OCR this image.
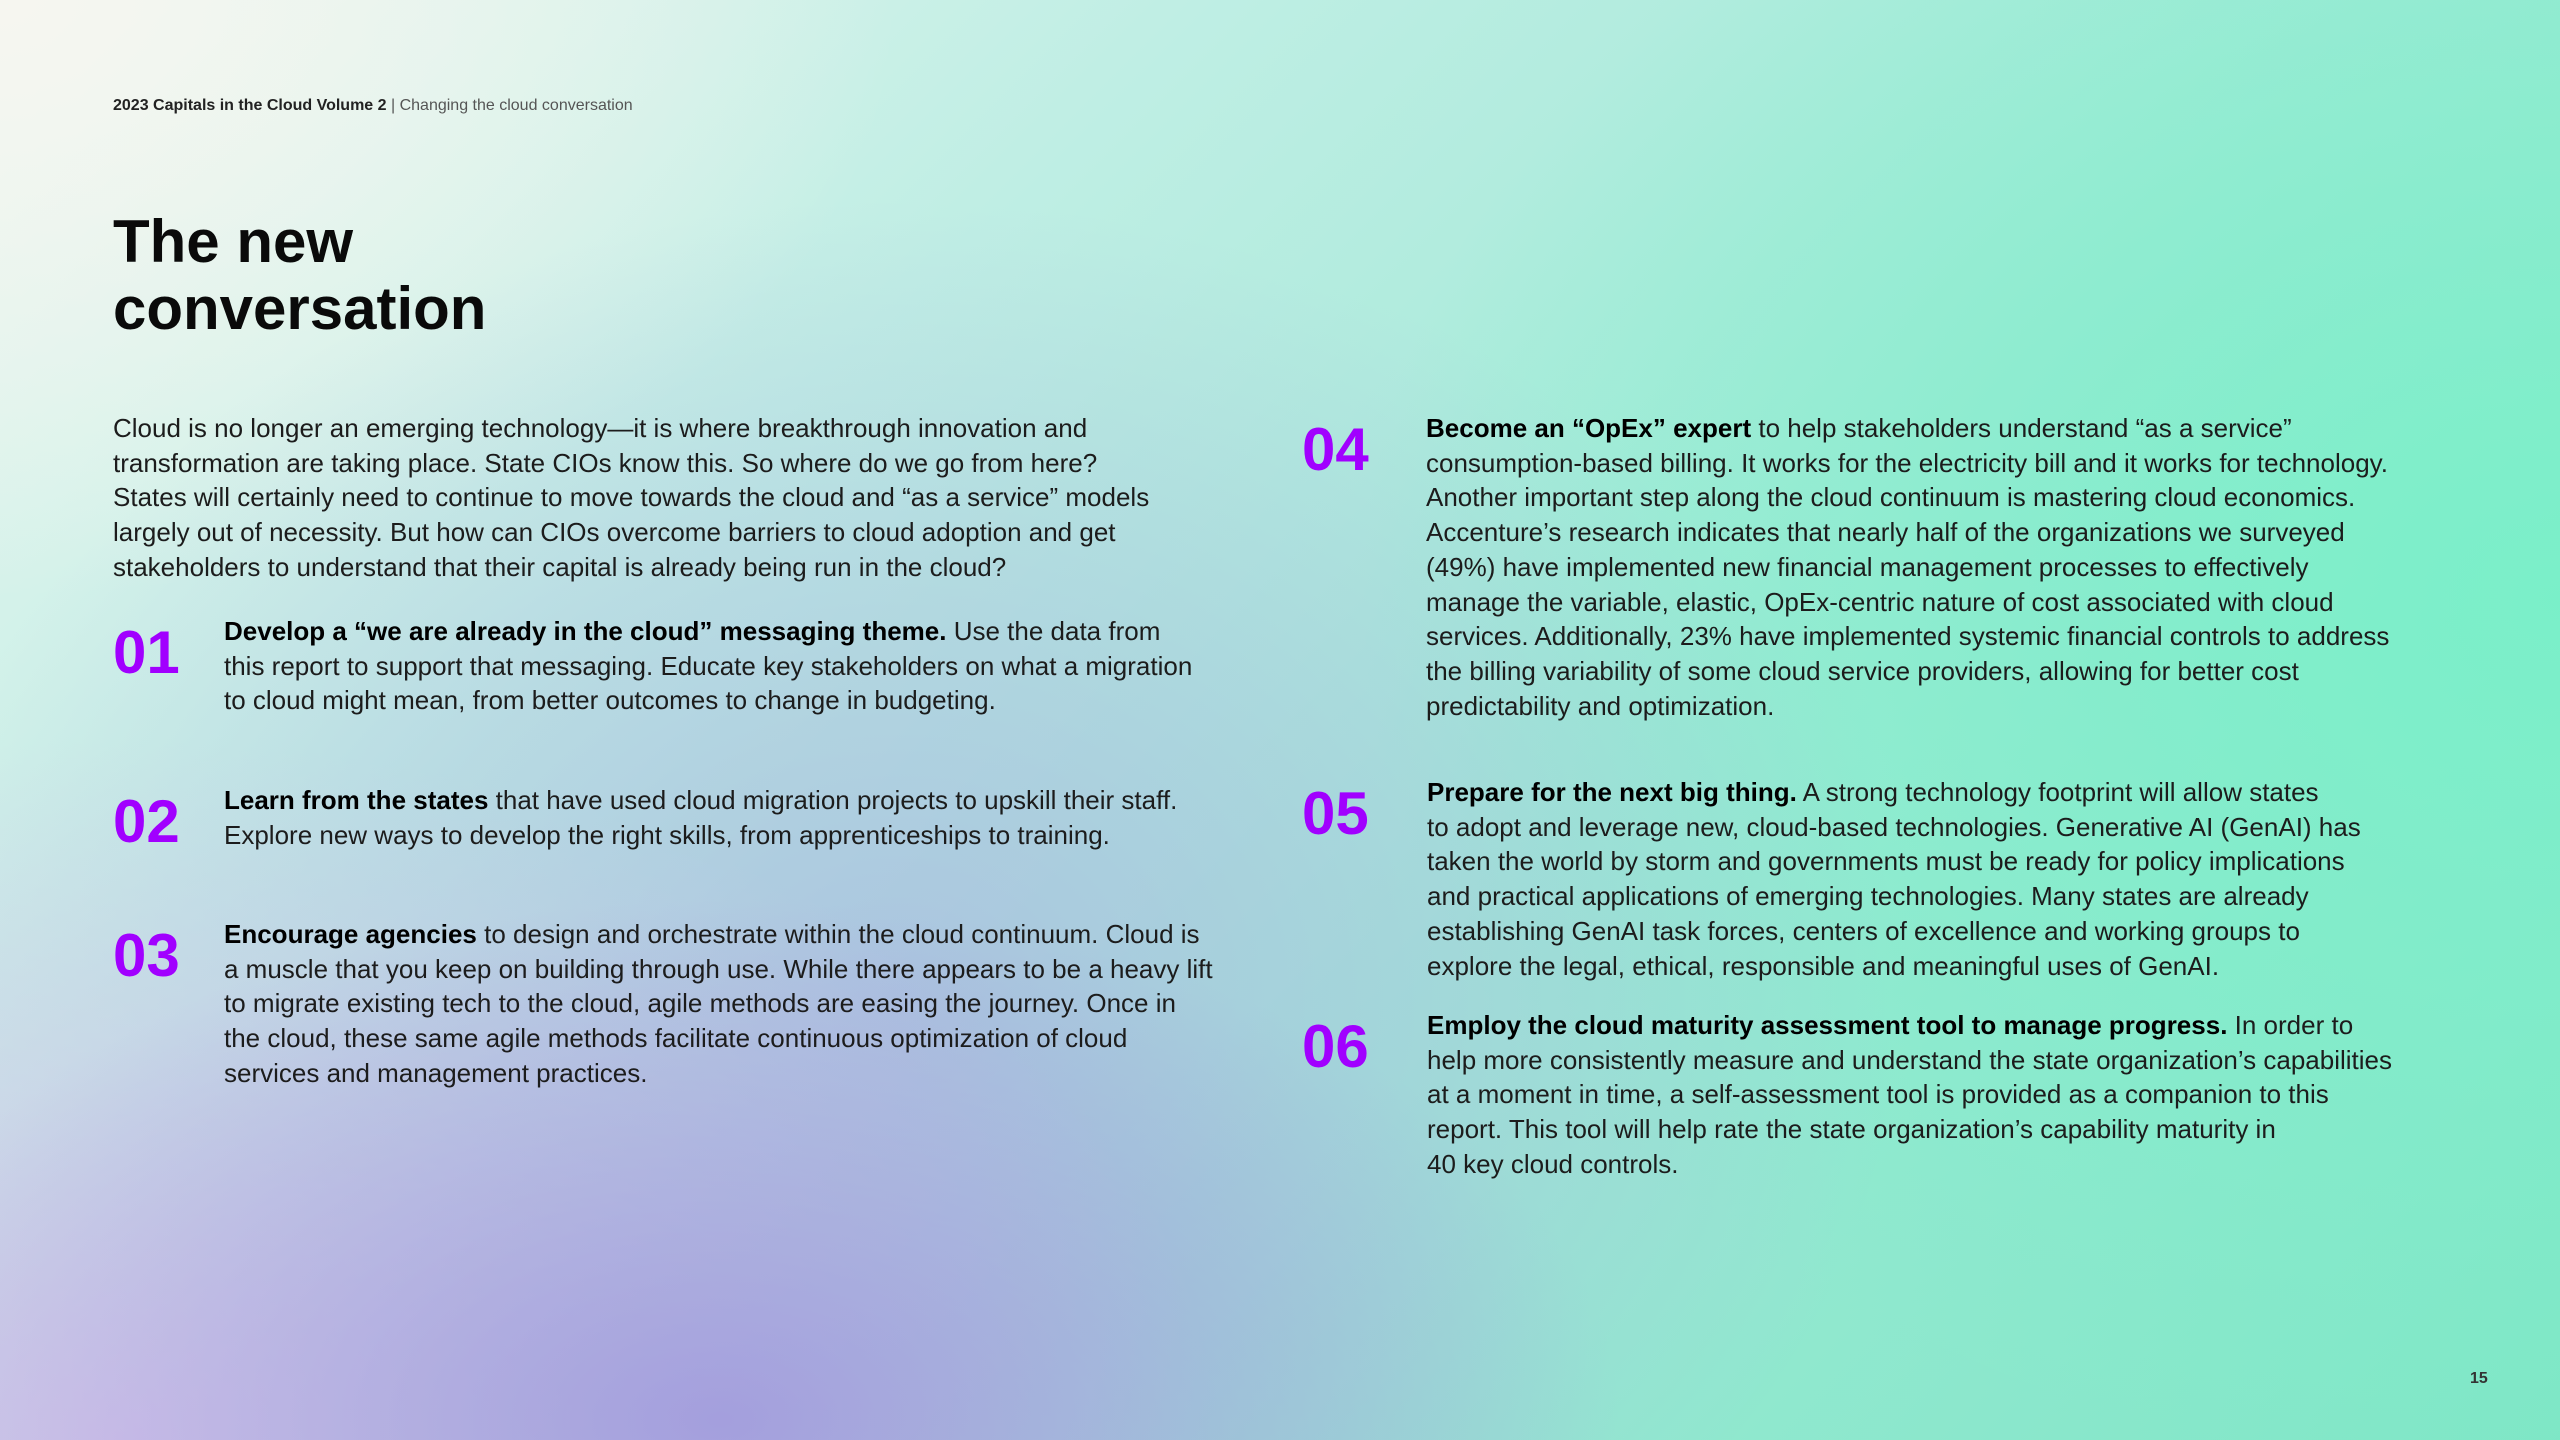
2023 Capitals in the Cloud Volume 2 | Changing the cloud conversation
The new
conversation

Cloud is no longer an emerging technology—it is where breakthrough innovation and
transformation are taking place. State CIOs know this. So where do we go from here?
States will certainly need to continue to move towards the cloud and “as a service” models
largely out of necessity. But how can CIOs overcome barriers to cloud adoption and get
stakeholders to understand that their capital is already being run in the cloud?

01 Develop a “we are already in the cloud” messaging theme. Use the data from
this report to support that messaging. Educate key stakeholders on what a migration
to cloud might mean, from better outcomes to change in budgeting.

02 Learn from the states that have used cloud migration projects to upskill their staff.
Explore new ways to develop the right skills, from apprenticeships to training.

03 Encourage agencies to design and orchestrate within the cloud continuum. Cloud is
a muscle that you keep on building through use. While there appears to be a heavy lift
to migrate existing tech to the cloud, agile methods are easing the journey. Once in
the cloud, these same agile methods facilitate continuous optimization of cloud
services and management practices.

04 Become an “OpEx” expert to help stakeholders understand “as a service”
consumption-based billing. It works for the electricity bill and it works for technology.
Another important step along the cloud continuum is mastering cloud economics.
Accenture’s research indicates that nearly half of the organizations we surveyed
(49%) have implemented new financial management processes to effectively
manage the variable, elastic, OpEx-centric nature of cost associated with cloud
services. Additionally, 23% have implemented systemic financial controls to address
the billing variability of some cloud service providers, allowing for better cost
predictability and optimization.

05 Prepare for the next big thing. A strong technology footprint will allow states
to adopt and leverage new, cloud-based technologies. Generative AI (GenAI) has
taken the world by storm and governments must be ready for policy implications
and practical applications of emerging technologies. Many states are already
establishing GenAI task forces, centers of excellence and working groups to
explore the legal, ethical, responsible and meaningful uses of GenAI.

06 Employ the cloud maturity assessment tool to manage progress. In order to
help more consistently measure and understand the state organization’s capabilities
at a moment in time, a self-assessment tool is provided as a companion to this
report. This tool will help rate the state organization’s capability maturity in
40 key cloud controls.

15
